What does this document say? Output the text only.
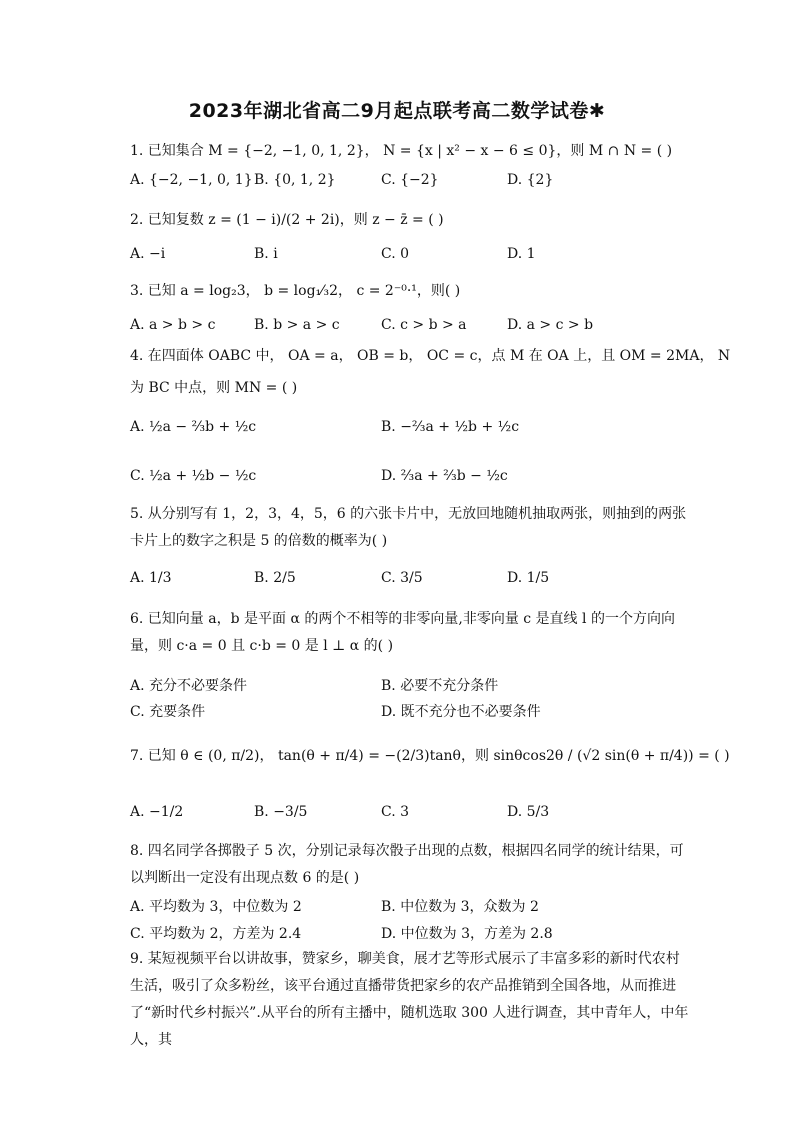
2023年湖北省高二9月起点联考高二数学试卷✱
1. 已知集合 M = {−2, −1, 0, 1, 2}， N = {x | x² − x − 6 ≤ 0}，则 M ∩ N = ( )
A. {−2, −1, 0, 1} B. {0, 1, 2}	C. {−2}	D. {2}
2. 已知复数 z = (1 − i)/(2 + 2i)，则 z − z̄ = ( )
A. −i	B. i	C. 0	D. 1
3. 已知 a = log₂3， b = log₁⁄₃2， c = 2⁻⁰·¹，则( )
A. a > b > c	B. b > a > c	C. c > b > a	D. a > c > b
4. 在四面体 OABC 中， OA = a， OB = b， OC = c，点 M 在 OA 上，且 OM = 2MA， N
为 BC 中点，则 MN = ( )
A. ½a − ⅔b + ½c	B. −⅔a + ½b + ½c
C. ½a + ½b − ½c	D. ⅔a + ⅔b − ½c
5. 从分别写有 1，2，3，4，5，6 的六张卡片中，无放回地随机抽取两张，则抽到的两张卡片上的数字之积是 5 的倍数的概率为( )
A. 1/3	B. 2/5	C. 3/5	D. 1/5
6. 已知向量 a，b 是平面 α 的两个不相等的非零向量,非零向量 c 是直线 l 的一个方向向量，则 c·a = 0 且 c·b = 0 是 l ⊥ α 的( )
A. 充分不必要条件	B. 必要不充分条件
C. 充要条件	D. 既不充分也不必要条件
7. 已知 θ ∈ (0, π/2)， tan(θ + π/4) = −(2/3)tanθ，则 sinθcos2θ / (√2 sin(θ + π/4)) = ( )
A. −1/2	B. −3/5	C. 3	D. 5/3
8. 四名同学各掷骰子 5 次，分别记录每次骰子出现的点数，根据四名同学的统计结果，可以判断出一定没有出现点数 6 的是( )
A. 平均数为 3，中位数为 2	B. 中位数为 3，众数为 2
C. 平均数为 2，方差为 2.4	D. 中位数为 3，方差为 2.8
9. 某短视频平台以讲故事，赞家乡，聊美食，展才艺等形式展示了丰富多彩的新时代农村生活，吸引了众多粉丝，该平台通过直播带货把家乡的农产品推销到全国各地，从而推进了“新时代乡村振兴”.从平台的所有主播中，随机选取 300 人进行调查，其中青年人，中年人，其
